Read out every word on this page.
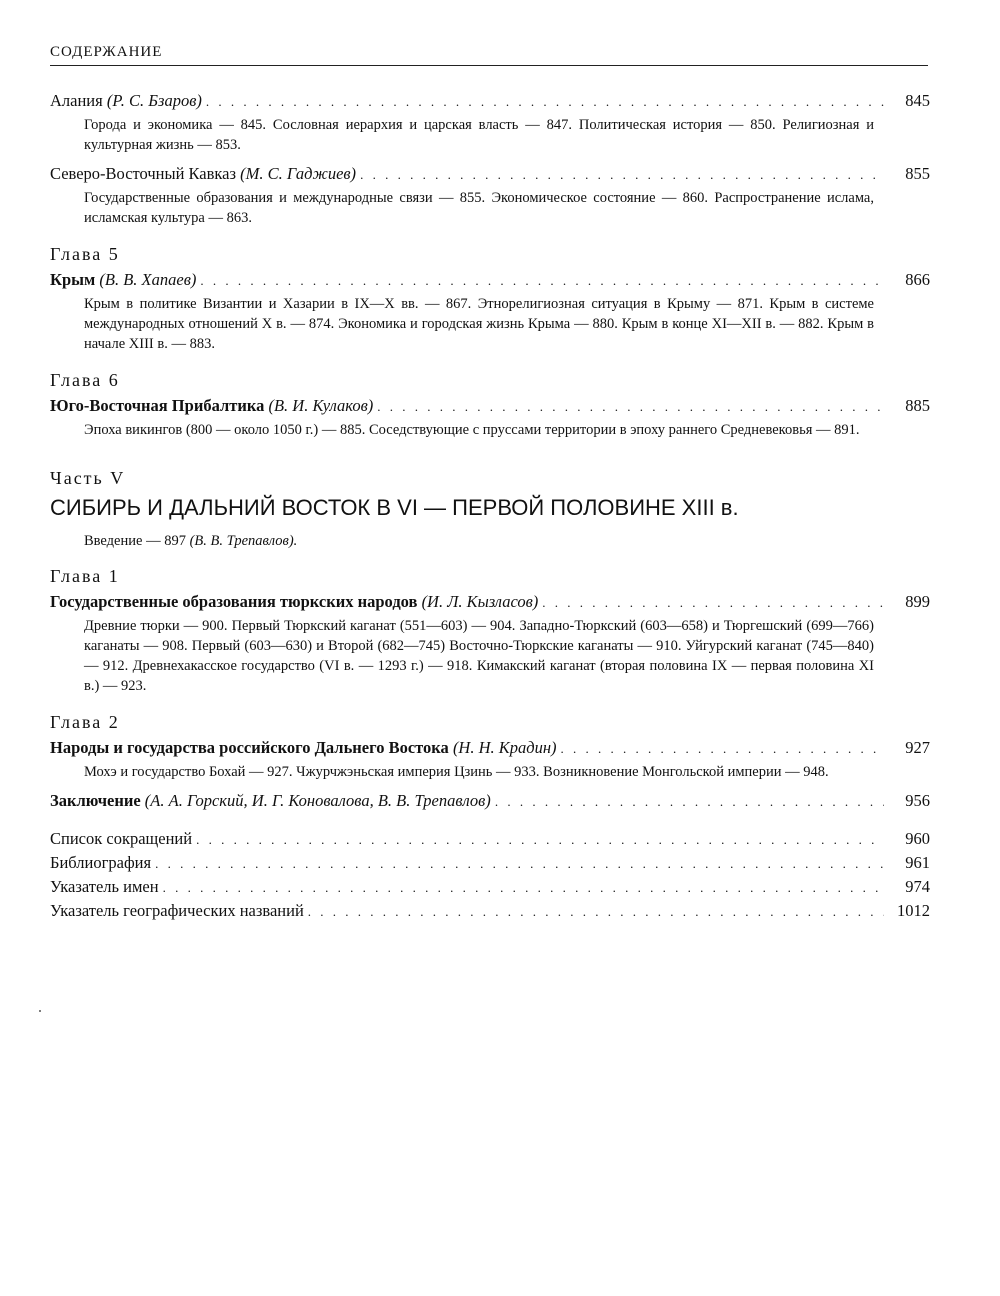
СОДЕРЖАНИЕ
Алания (Р. С. Бзаров) . . .	845
Города и экономика — 845. Сословная иерархия и царская власть — 847. Политическая история — 850. Религиозная и культурная жизнь — 853.
Северо-Восточный Кавказ (М. С. Гаджиев) . . .	855
Государственные образования и международные связи — 855. Экономическое состояние — 860. Распространение ислама, исламская культура — 863.
Глава 5
Крым (В. В. Хапаев) . . .	866
Крым в политике Византии и Хазарии в IX—X вв. — 867. Этнорелигиозная ситуация в Крыму — 871. Крым в системе международных отношений X в. — 874. Экономика и городская жизнь Крыма — 880. Крым в конце XI—XII в. — 882. Крым в начале XIII в. — 883.
Глава 6
Юго-Восточная Прибалтика (В. И. Кулаков) . . .	885
Эпоха викингов (800 — около 1050 г.) — 885. Соседствующие с пруссами территории в эпоху раннего Средневековья — 891.
Часть V
СИБИРЬ И ДАЛЬНИЙ ВОСТОК В VI — ПЕРВОЙ ПОЛОВИНЕ XIII в.
Введение — 897 (В. В. Трепавлов).
Глава 1
Государственные образования тюркских народов (И. Л. Кызласов) . . .	899
Древние тюрки — 900. Первый Тюркский каганат (551—603) — 904. Западно-Тюркский (603—658) и Тюргешский (699—766) каганаты — 908. Первый (603—630) и Второй (682—745) Восточно-Тюркские каганаты — 910. Уйгурский каганат (745—840) — 912. Древнехакасское государство (VI в. — 1293 г.) — 918. Кимакский каганат (вторая половина IX — первая половина XI в.) — 923.
Глава 2
Народы и государства российского Дальнего Востока (Н. Н. Крадин) . . .	927
Мохэ и государство Бохай — 927. Чжурчжэньская империя Цзинь — 933. Возникновение Монгольской империи — 948.
Заключение (А. А. Горский, И. Г. Коновалова, В. В. Трепавлов) . . .	956
Список сокращений . . .	960
Библиография . . .	961
Указатель имен . . .	974
Указатель географических названий . . .	1012
